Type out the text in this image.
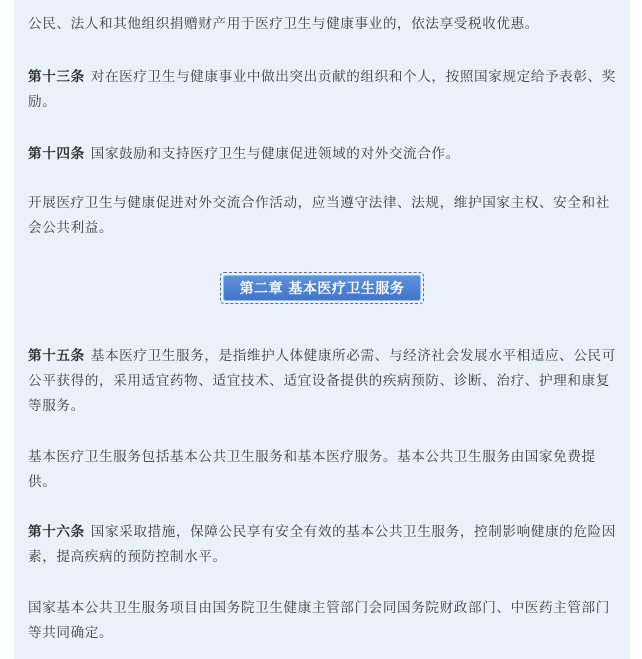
公民、法人和其他组织捐赠财产用于医疗卫生与健康事业的，依法享受税收优惠。

第十三条 对在医疗卫生与健康事业中做出突出贡献的组织和个人，按照国家规定给予表彰、奖励。

第十四条 国家鼓励和支持医疗卫生与健康促进领域的对外交流合作。

开展医疗卫生与健康促进对外交流合作活动，应当遵守法律、法规，维护国家主权、安全和社会公共利益。

第十五条 基本医疗卫生服务，是指维护人体健康所必需、与经济社会发展水平相适应、公民可公平获得的，采用适宜药物、适宜技术、适宜设备提供的疾病预防、诊断、治疗、护理和康复等服务。

基本医疗卫生服务包括基本公共卫生服务和基本医疗服务。基本公共卫生服务由国家免费提供。

第十六条 国家采取措施，保障公民享有安全有效的基本公共卫生服务，控制影响健康的危险因素，提高疾病的预防控制水平。

国家基本公共卫生服务项目由国务院卫生健康主管部门会同国务院财政部门、中医药主管部门等共同确定。

第二章 基本医疗卫生服务
